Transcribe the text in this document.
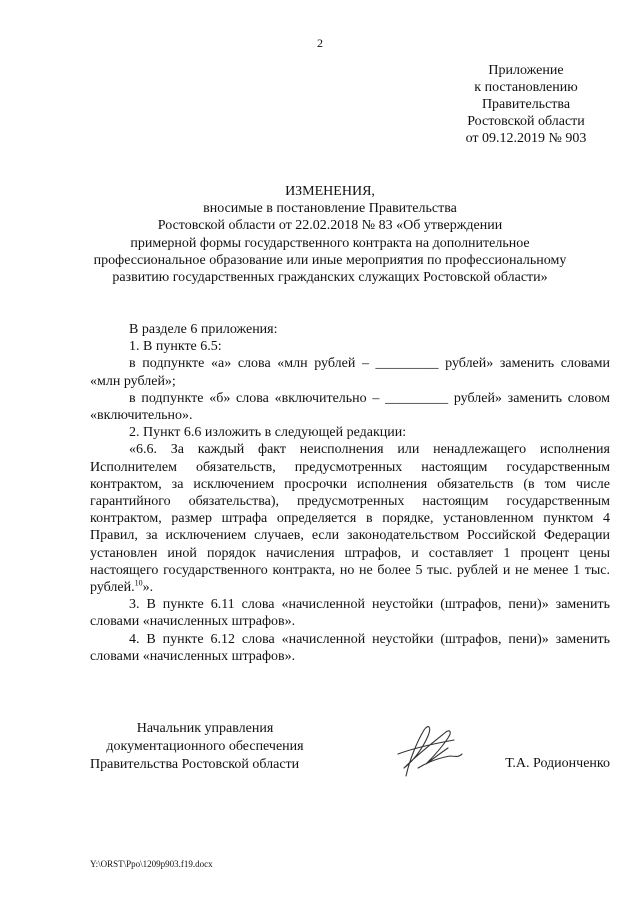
2
Приложение
к постановлению
Правительства
Ростовской области
от 09.12.2019 № 903
ИЗМЕНЕНИЯ,
вносимые в постановление Правительства
Ростовской области от 22.02.2018 № 83 «Об утверждении
примерной формы государственного контракта на дополнительное
профессиональное образование или иные мероприятия по профессиональному
развитию государственных гражданских служащих Ростовской области»

В разделе 6 приложения:

1. В пункте 6.5:

в подпункте «а» слова «млн рублей – _________ рублей» заменить словами «млн рублей»;

в подпункте «б» слова «включительно – _________ рублей» заменить словом «включительно».

2. Пункт 6.6 изложить в следующей редакции:

«6.6. За каждый факт неисполнения или ненадлежащего исполнения Исполнителем обязательств, предусмотренных настоящим государственным контрактом, за исключением просрочки исполнения обязательств (в том числе гарантийного обязательства), предусмотренных настоящим государственным контрактом, размер штрафа определяется в порядке, установленном пунктом 4 Правил, за исключением случаев, если законодательством Российской Федерации установлен иной порядок начисления штрафов, и составляет 1 процент цены настоящего государственного контракта, но не более 5 тыс. рублей и не менее 1 тыс. рублей.$^{10}$».

3. В пункте 6.11 слова «начисленной неустойки (штрафов, пени)» заменить словами «начисленных штрафов».

4. В пункте 6.12 слова «начисленной неустойки (штрафов, пени)» заменить словами «начисленных штрафов».

Начальник управления
документационного обеспечения
Правительства Ростовской области	Т.А. Родионченко
Y:\ORST\Ppo\1209p903.f19.docx
